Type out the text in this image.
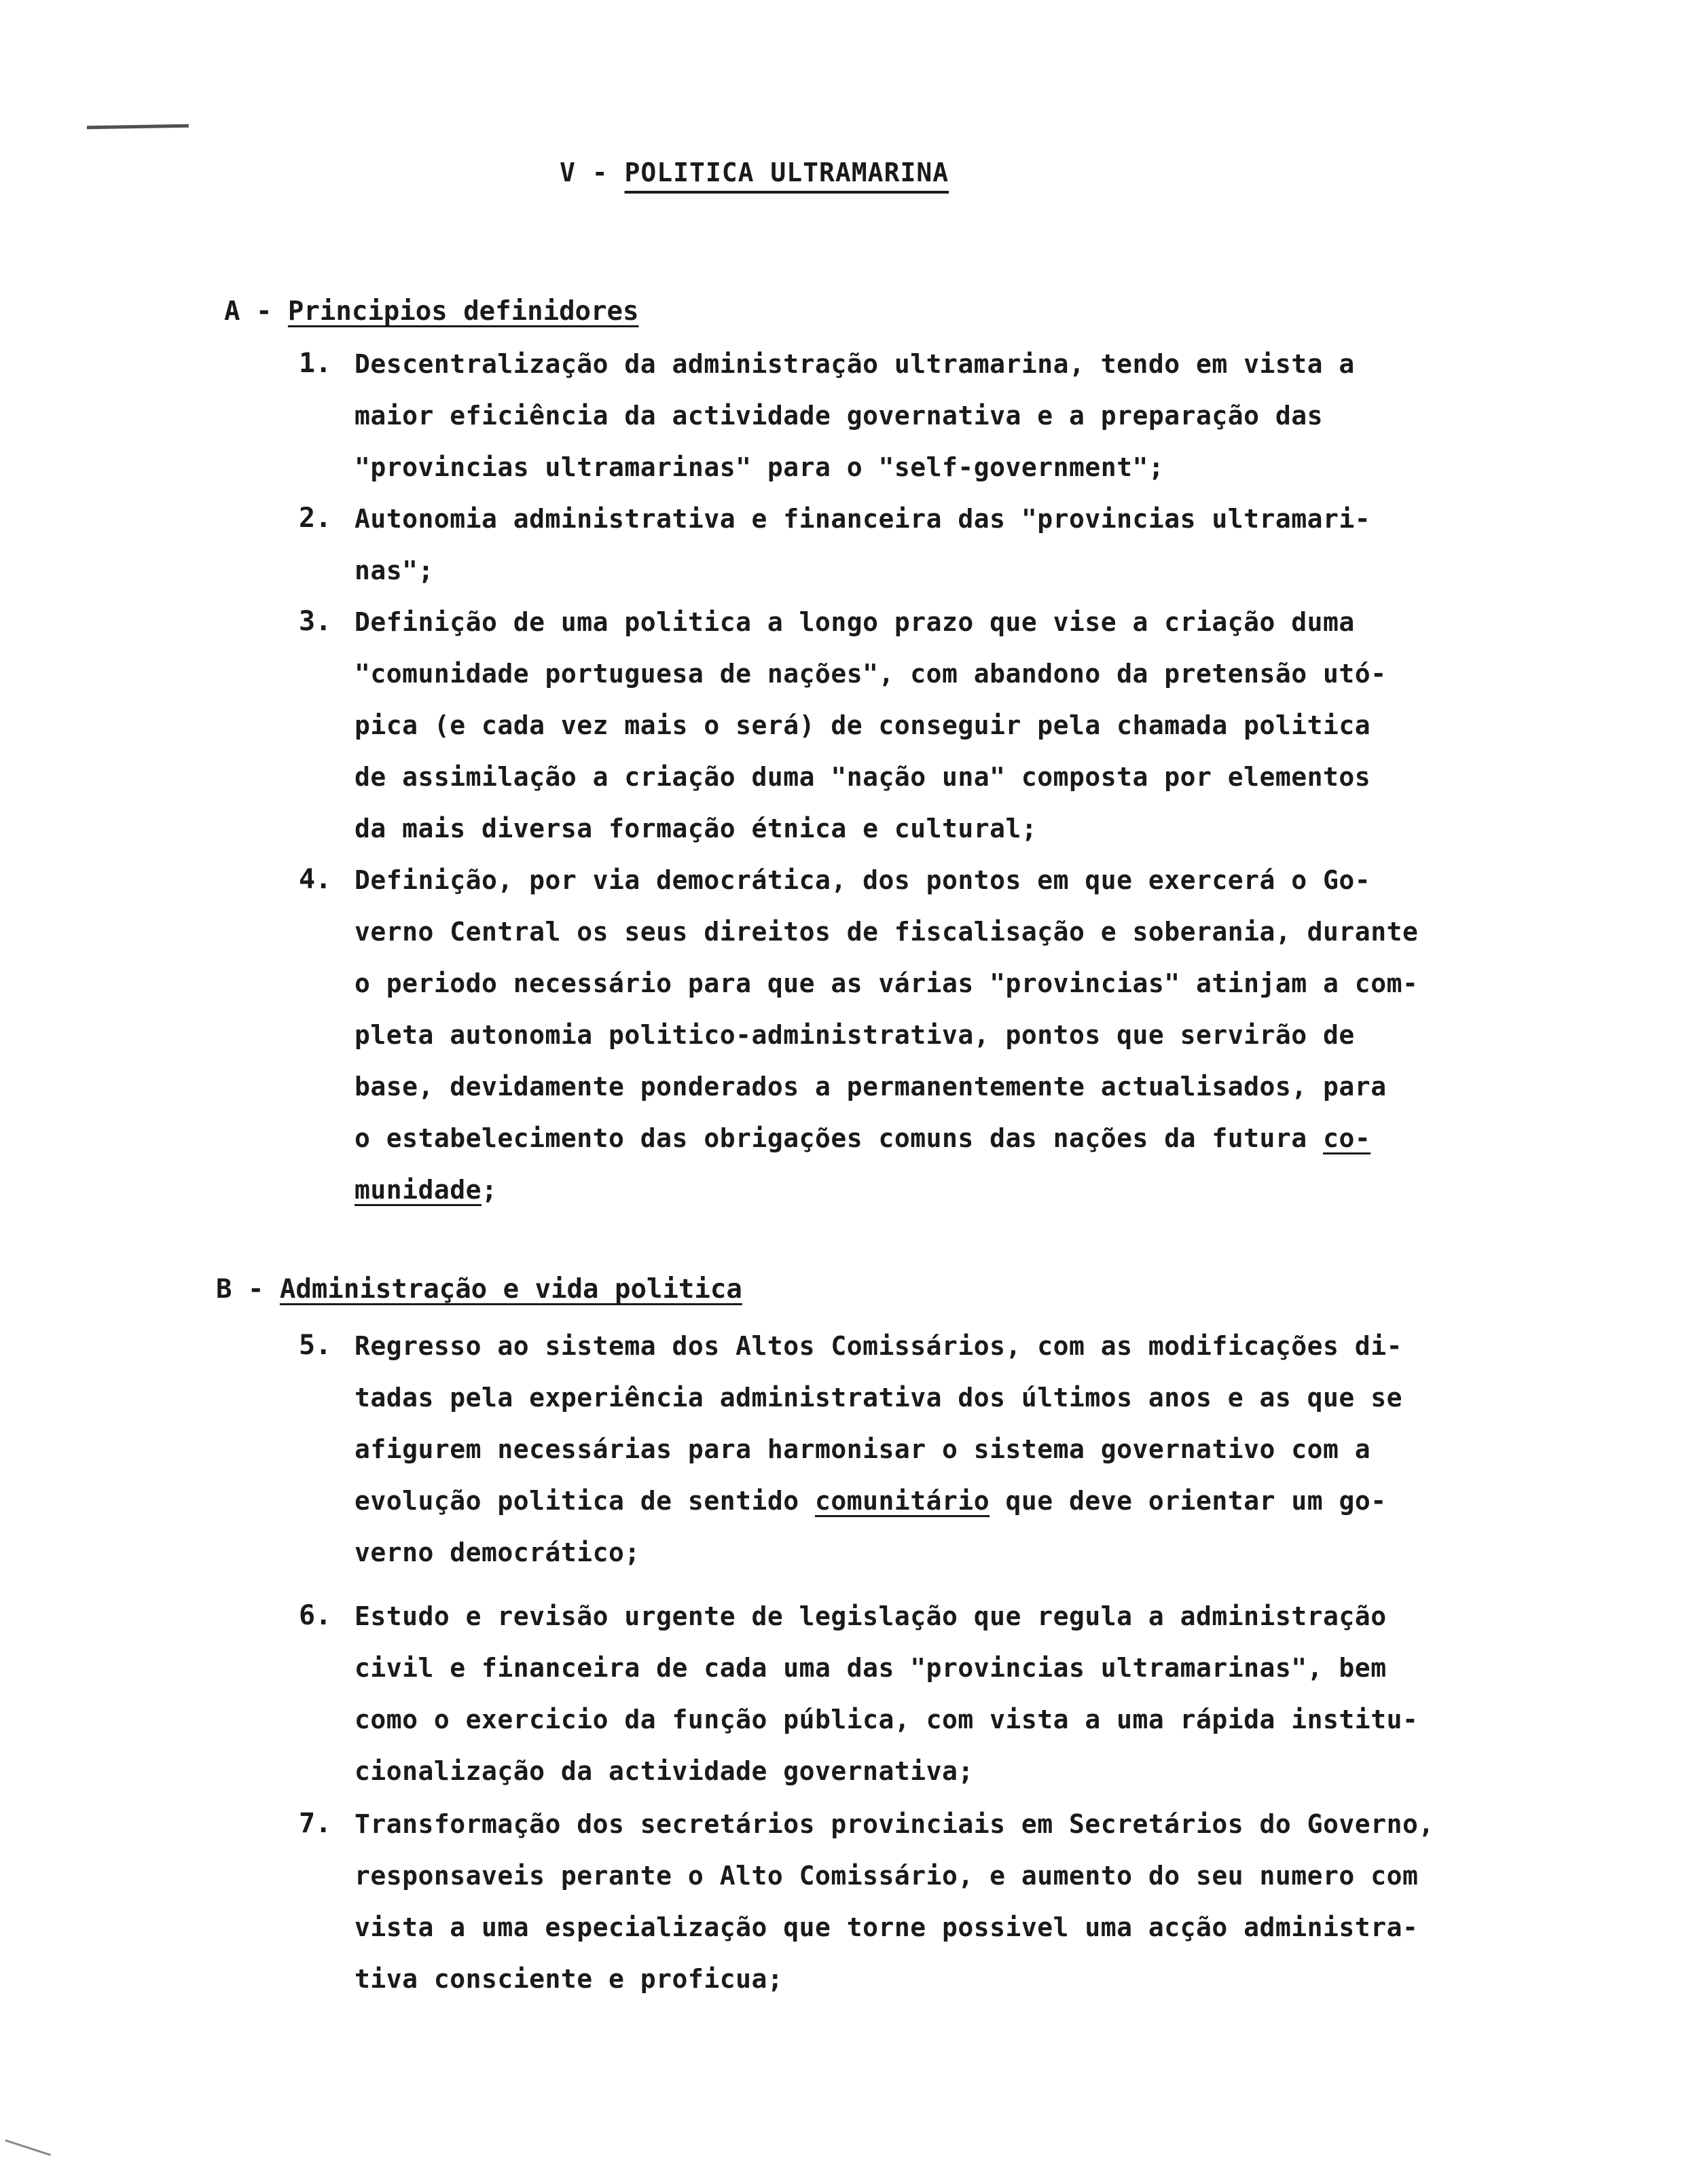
V - POLITICA ULTRAMARINA
A - Principios definidores
1. Descentralização da administração ultramarina, tendo em vista a
maior eficiência da actividade governativa e a preparação das
"provincias ultramarinas" para o "self-government";
2. Autonomia administrativa e financeira das "provincias ultramari-
nas";
3. Definição de uma politica a longo prazo que vise a criação duma
"comunidade portuguesa de nações", com abandono da pretensão utó-
pica (e cada vez mais o será) de conseguir pela chamada politica
de assimilação a criação duma "nação una" composta por elementos
da mais diversa formação étnica e cultural;
4. Definição, por via democrática, dos pontos em que exercerá o Go-
verno Central os seus direitos de fiscalisação e soberania, durante
o periodo necessário para que as várias "provincias" atinjam a com-
pleta autonomia politico-administrativa, pontos que servirão de
base, devidamente ponderados a permanentemente actualisados, para
o estabelecimento das obrigações comuns das nações da futura co-
munidade;
B - Administração e vida politica
5. Regresso ao sistema dos Altos Comissários, com as modificações di-
tadas pela experiência administrativa dos últimos anos e as que se
afigurem necessárias para harmonisar o sistema governativo com a
evolução politica de sentido comunitário que deve orientar um go-
verno democrático;
6. Estudo e revisão urgente de legislação que regula a administração
civil e financeira de cada uma das "provincias ultramarinas", bem
como o exercicio da função pública, com vista a uma rápida institu-
cionalização da actividade governativa;
7. Transformação dos secretários provinciais em Secretários do Governo,
responsaveis perante o Alto Comissário, e aumento do seu numero com
vista a uma especialização que torne possivel uma acção administra-
tiva consciente e proficua;
